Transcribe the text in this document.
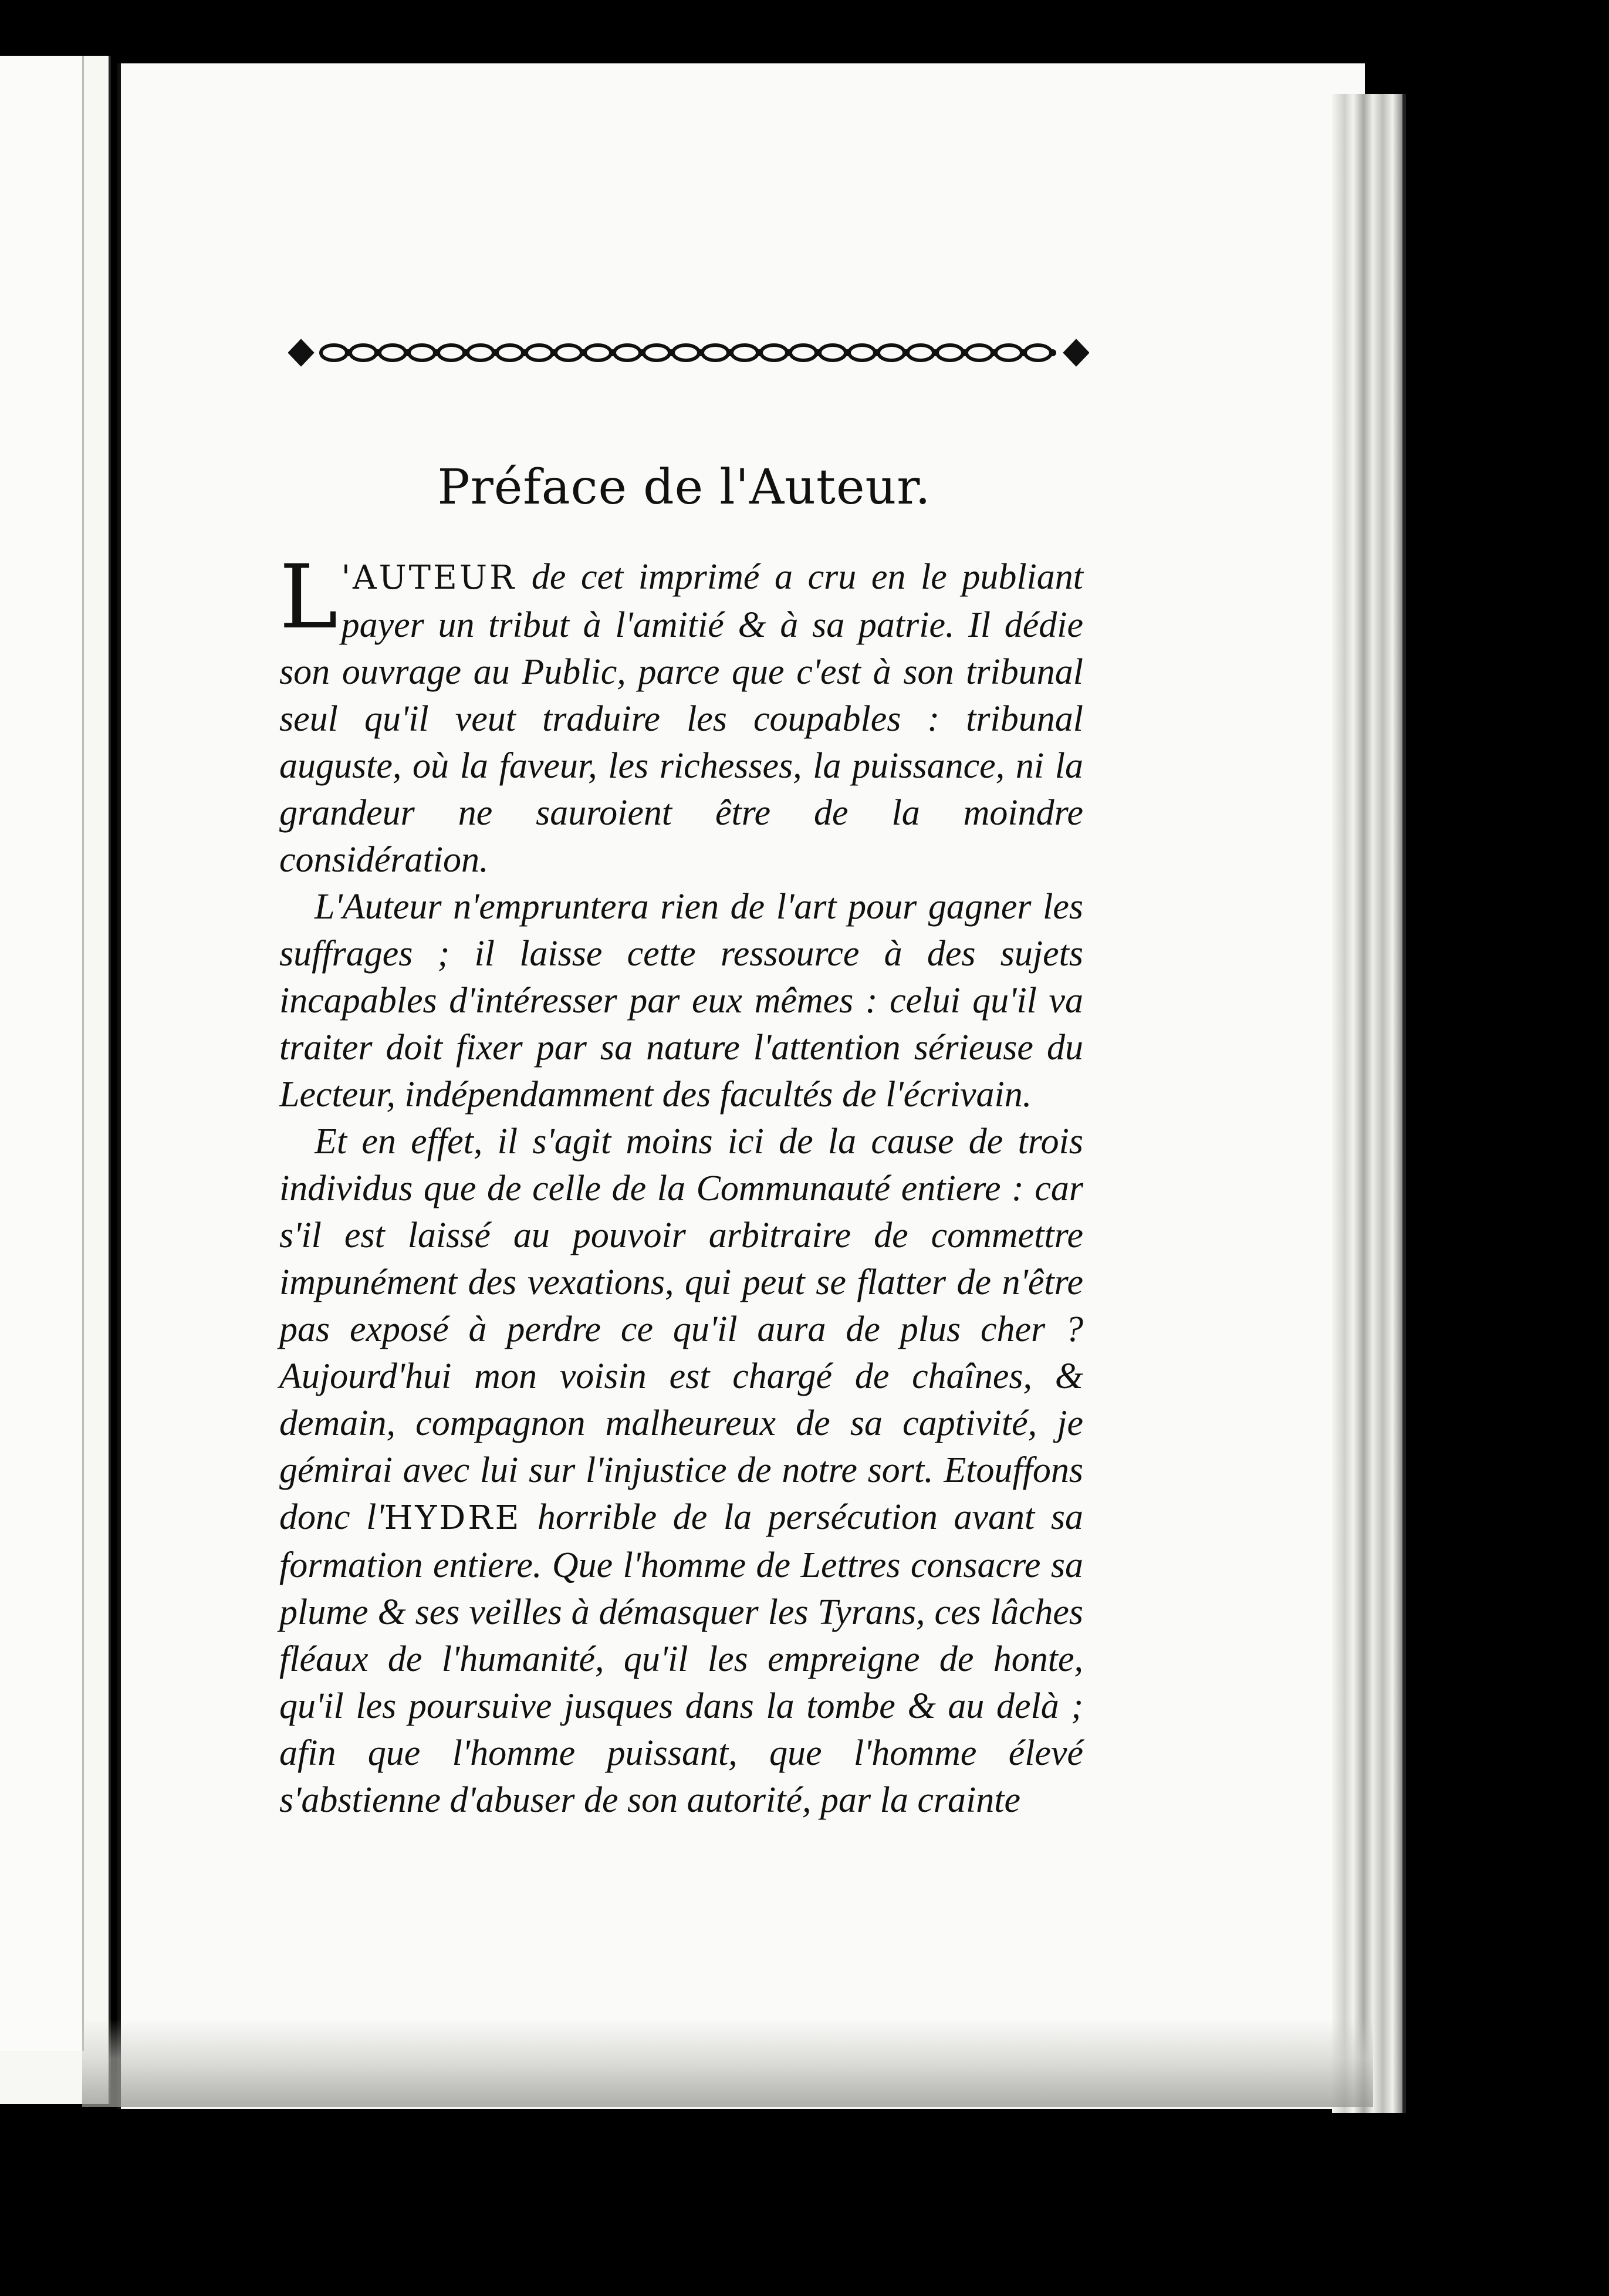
Préface de l'Auteur.

L 'AUTEUR de cet imprimé a cru en le publiant payer un tribut à l'amitié & à sa patrie. Il dédie son ouvrage au Public, parce que c'est à son tribunal seul qu'il veut traduire les coupables : tribunal auguste, où la faveur, les richesses, la puissance, ni la grandeur ne sauroient être de la moindre considération.

L'Auteur n'empruntera rien de l'art pour gagner les suffrages ; il laisse cette ressource à des sujets incapables d'intéresser par eux mêmes : celui qu'il va traiter doit fixer par sa nature l'attention sérieuse du Lecteur, indépendamment des facultés de l'écrivain.

Et en effet, il s'agit moins ici de la cause de trois individus que de celle de la Communauté entiere : car s'il est laissé au pouvoir arbitraire de commettre impunément des vexations, qui peut se flatter de n'être pas exposé à perdre ce qu'il aura de plus cher ? Aujourd'hui mon voisin est chargé de chaînes, & demain, compagnon malheureux de sa captivité, je gémirai avec lui sur l'injustice de notre sort. Etouffons donc l'HYDRE horrible de la persécution avant sa formation entiere. Que l'homme de Lettres consacre sa plume & ses veilles à démasquer les Tyrans, ces lâches fléaux de l'humanité, qu'il les empreigne de honte, qu'il les poursuive jusques dans la tombe & au delà ; afin que l'homme puissant, que l'homme élevé s'abstienne d'abuser de son autorité, par la crainte
